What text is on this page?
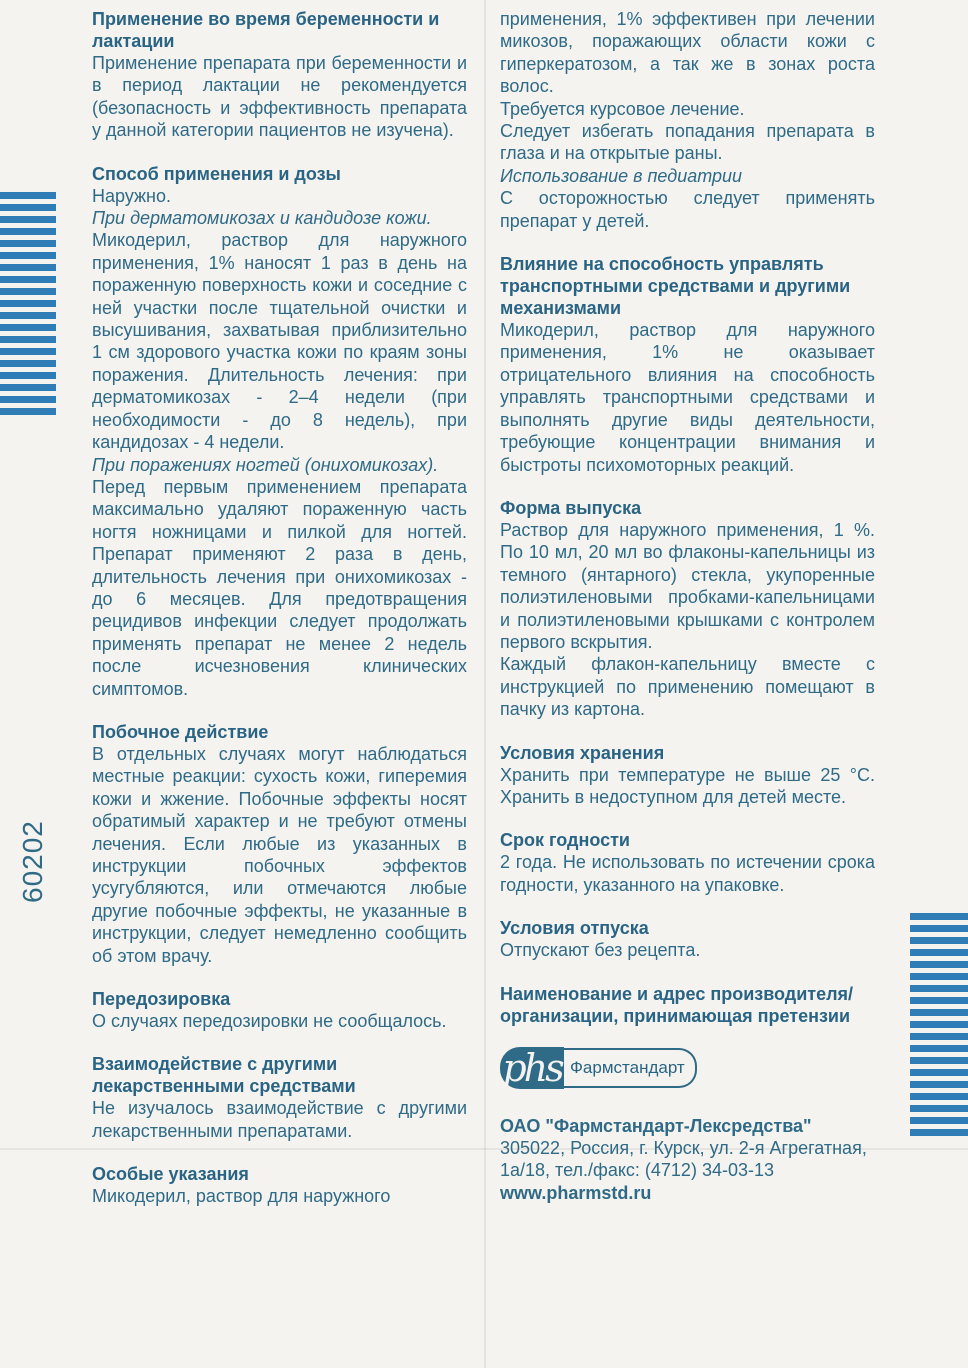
60202
Применение во время беременности и лактации

Применение препарата при беременности и в период лактации не рекомендуется (безопасность и эффективность препарата у данной категории пациентов не изучена).

Способ применения и дозы

Наружно.

При дерматомикозах и кандидозе кожи.

Микодерил, раствор для наружного применения, 1% наносят 1 раз в день на пораженную поверхность кожи и соседние с ней участки после тщательной очистки и высушивания, захватывая приблизительно 1 см здорового участка кожи по краям зоны поражения. Длительность лечения: при дерматомикозах - 2–4 недели (при необходимости - до 8 недель), при кандидозах - 4 недели.

При поражениях ногтей (онихомикозах).

Перед первым применением препарата максимально удаляют пораженную часть ногтя ножницами и пилкой для ногтей. Препарат применяют 2 раза в день, длительность лечения при онихомикозах - до 6 месяцев. Для предотвращения рецидивов инфекции следует продолжать применять препарат не менее 2 недель после исчезновения клинических симптомов.

Побочное действие

В отдельных случаях могут наблюдаться местные реакции: сухость кожи, гиперемия кожи и жжение. Побочные эффекты носят обратимый характер и не требуют отмены лечения. Если любые из указанных в инструкции побочных эффектов усугубляются, или отмечаются любые другие побочные эффекты, не указанные в инструкции, следует немедленно сообщить об этом врачу.

Передозировка

О случаях передозировки не сообщалось.

Взаимодействие с другими лекарственными средствами

Не изучалось взаимодействие с другими лекарственными препаратами.

Особые указания

Микодерил, раствор для наружного

применения, 1% эффективен при лечении микозов, поражающих области кожи с гиперкератозом, а так же в зонах роста волос.

Требуется курсовое лечение.

Следует избегать попадания препарата в глаза и на открытые раны.

Использование в педиатрии

С осторожностью следует применять препарат у детей.

Влияние на способность управлять транспортными средствами и другими механизмами

Микодерил, раствор для наружного применения, 1% не оказывает отрицательного влияния на способность управлять транспортными средствами и выполнять другие виды деятельности, требующие концентрации внимания и быстроты психомоторных реакций.

Форма выпуска

Раствор для наружного применения, 1 %. По 10 мл, 20 мл во флаконы-капельницы из темного (янтарного) стекла, укупоренные полиэтиленовыми пробками-капельницами и полиэтиленовыми крышками с контролем первого вскрытия.

Каждый флакон-капельницу вместе с инструкцией по применению помещают в пачку из картона.

Условия хранения

Хранить при температуре не выше 25 °С. Хранить в недоступном для детей месте.

Срок годности

2 года. Не использовать по истечении срока годности, указанного на упаковке.

Условия отпуска

Отпускают без рецепта.

Наименование и адрес производителя/организации, принимающая претензии
phs Фармстандарт

ОАО "Фармстандарт-Лексредства"

305022, Россия, г. Курск, ул. 2-я Агрегатная,

1а/18, тел./факс: (4712) 34-03-13

www.pharmstd.ru
